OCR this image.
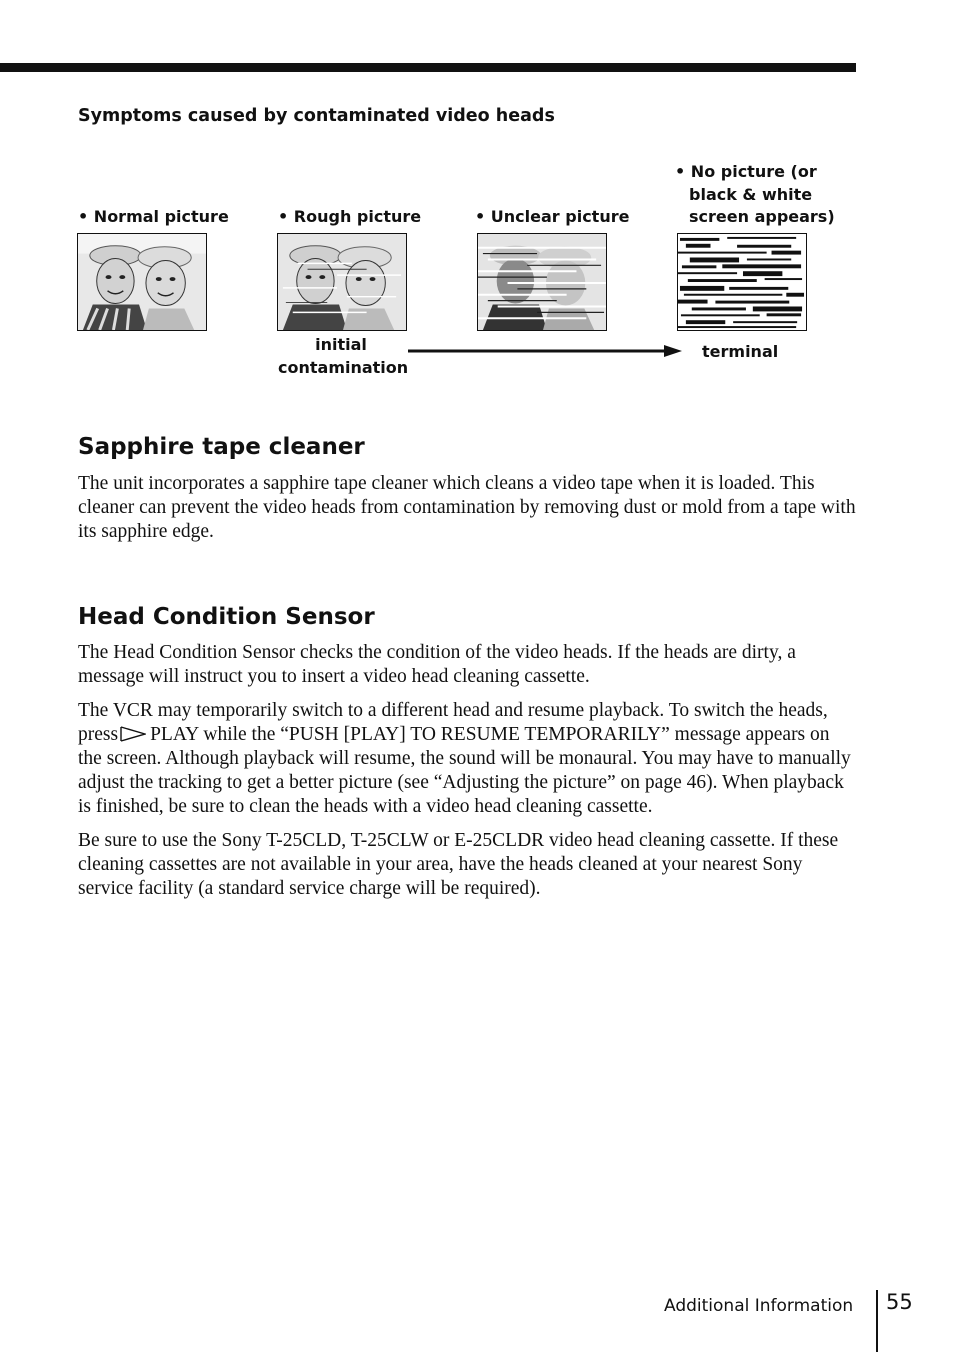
Symptoms caused by contaminated video heads
• Normal picture	• Rough picture	• Unclear picture
• No picture (or
black & white
screen appears)
initial
contamination
terminal
Sapphire tape cleaner

The unit incorporates a sapphire tape cleaner which cleans a video tape when it is loaded. This cleaner can prevent the video heads from contamination by removing dust or mold from a tape with its sapphire edge.

Head Condition Sensor

The Head Condition Sensor checks the condition of the video heads. If the heads are dirty, a message will instruct you to insert a video head cleaning cassette.

The VCR may temporarily switch to a different head and resume playback. To switch the heads, press PLAY while the “PUSH [PLAY] TO RESUME TEMPORARILY” message appears on the screen. Although playback will resume, the sound will be monaural. You may have to manually adjust the tracking to get a better picture (see “Adjusting the picture” on page 46). When playback is finished, be sure to clean the heads with a video head cleaning cassette.

Be sure to use the Sony T-25CLD, T-25CLW or E-25CLDR video head cleaning cassette. If these cleaning cassettes are not available in your area, have the heads cleaned at your nearest Sony service facility (a standard service charge will be required).

Additional Information 55
